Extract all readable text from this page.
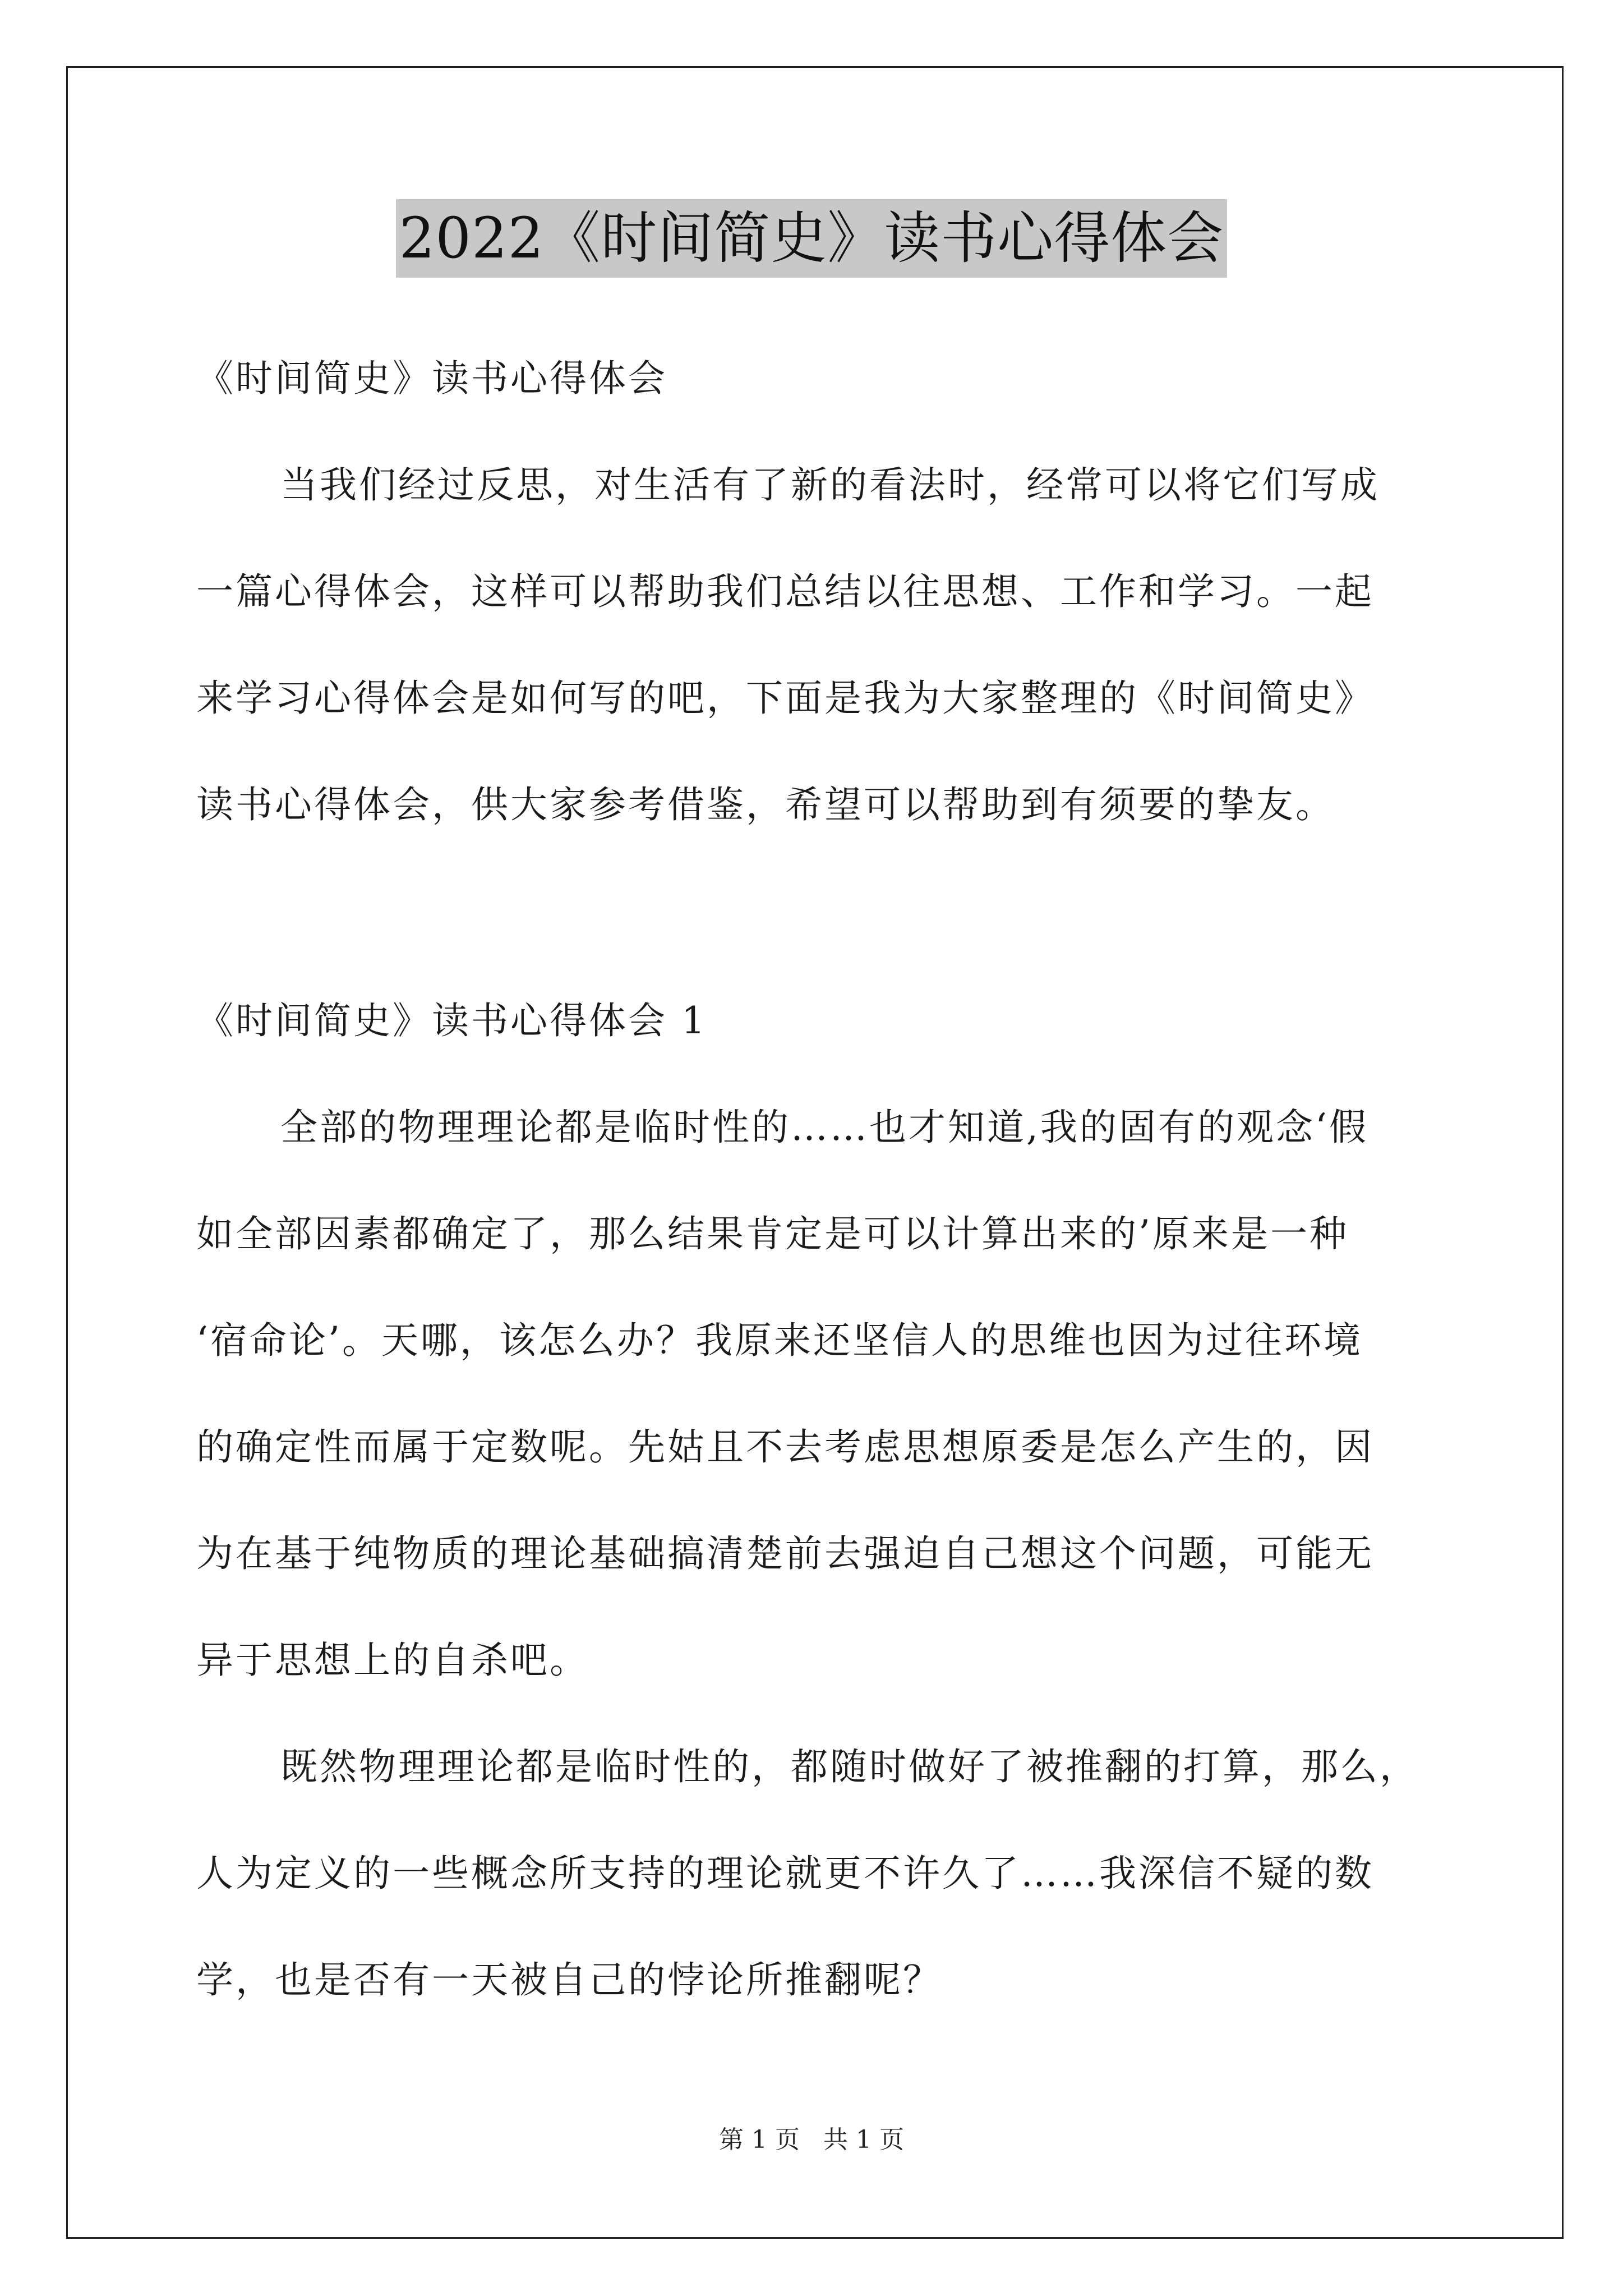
2022《时间简史》读书心得体会
《时间简史》读书心得体会
当我们经过反思，对生活有了新的看法时，经常可以将它们写成
一篇心得体会，这样可以帮助我们总结以往思想、工作和学习。一起
来学习心得体会是如何写的吧，下面是我为大家整理的《时间简史》
读书心得体会，供大家参考借鉴，希望可以帮助到有须要的挚友。
《时间简史》读书心得体会 1
全部的物理理论都是临时性的……也才知道,我的固有的观念‘假
如全部因素都确定了，那么结果肯定是可以计算出来的’原来是一种
‘宿命论’。天哪，该怎么办？我原来还坚信人的思维也因为过往环境
的确定性而属于定数呢。先姑且不去考虑思想原委是怎么产生的，因
为在基于纯物质的理论基础搞清楚前去强迫自己想这个问题，可能无
异于思想上的自杀吧。
既然物理理论都是临时性的，都随时做好了被推翻的打算，那么，
人为定义的一些概念所支持的理论就更不许久了……我深信不疑的数
学，也是否有一天被自己的悖论所推翻呢？
第 1 页 共 1 页
